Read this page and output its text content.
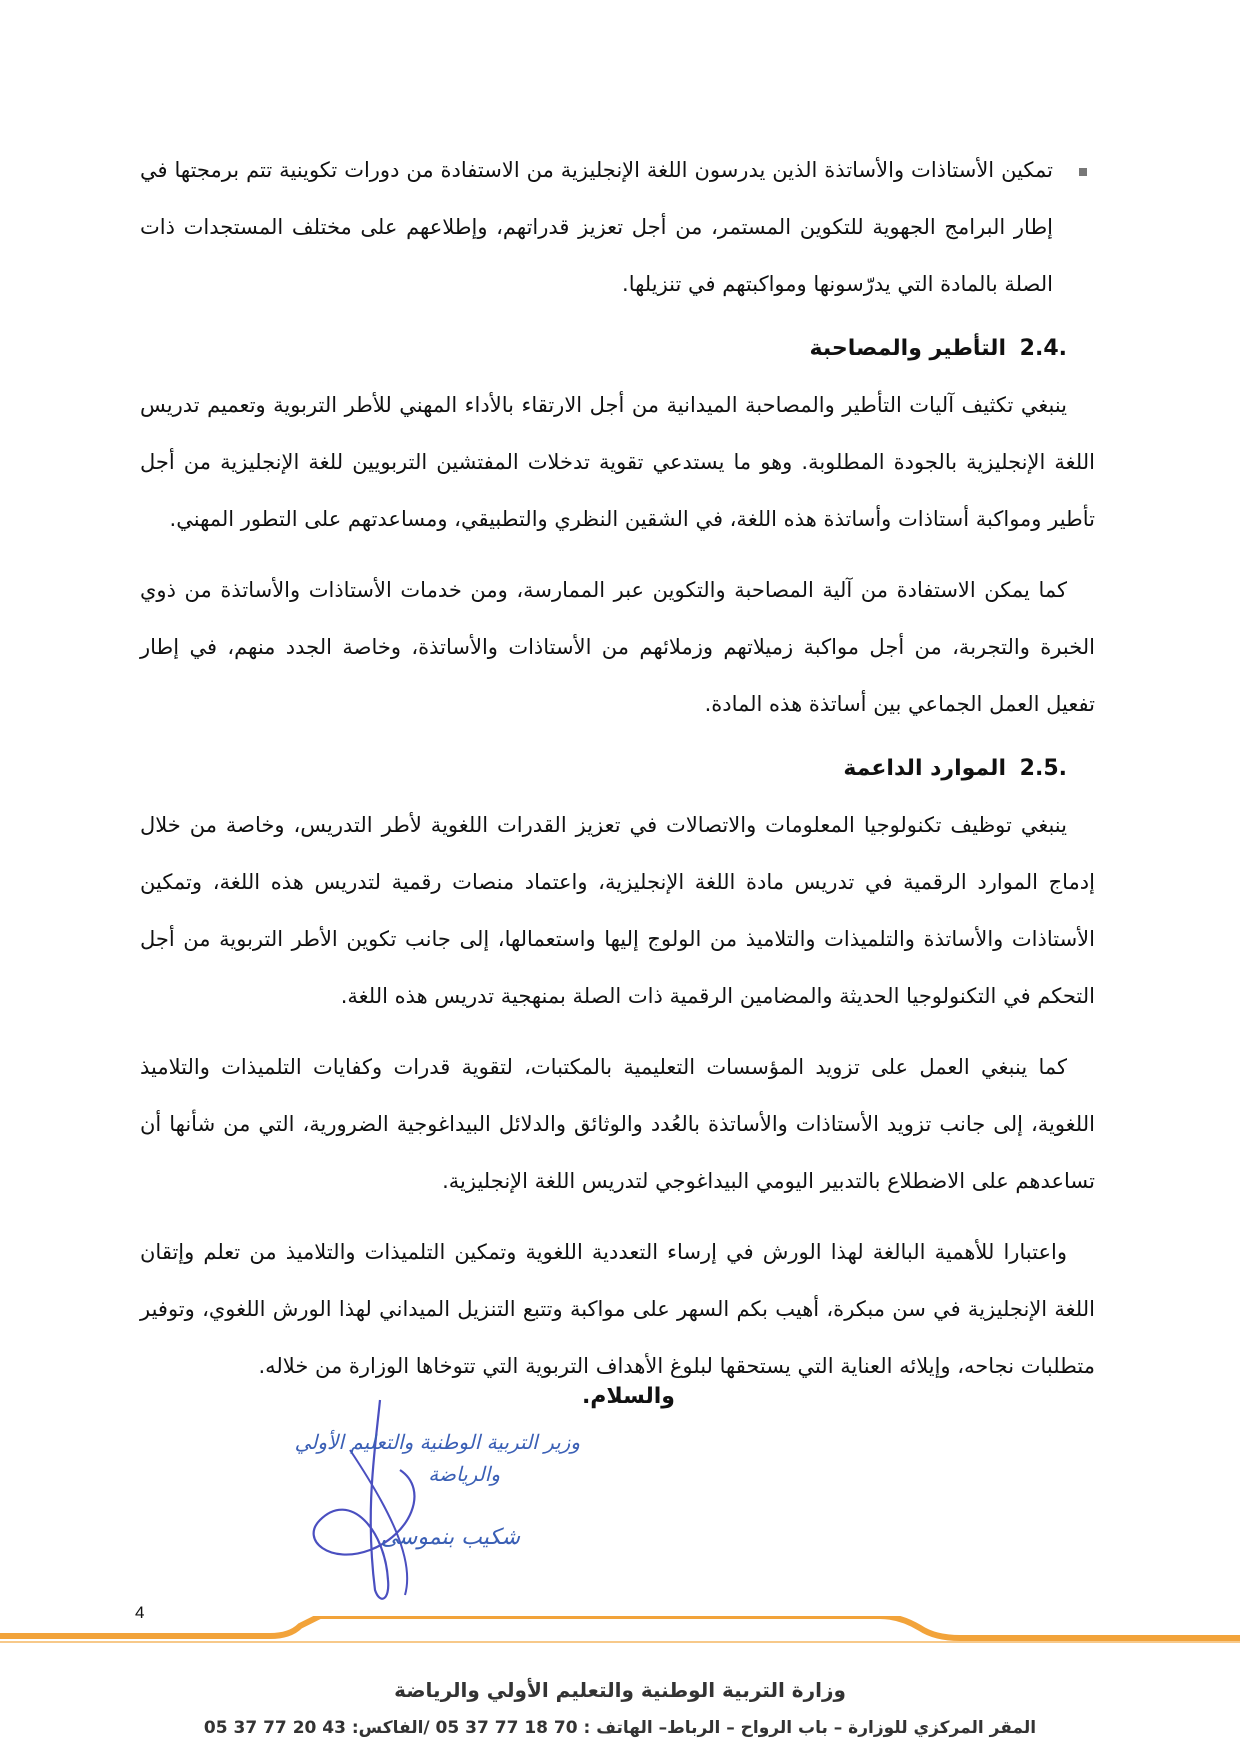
تمكين الأستاذات والأساتذة الذين يدرسون اللغة الإنجليزية من الاستفادة من دورات تكوينية تتم برمجتها في إطار البرامج الجهوية للتكوين المستمر، من أجل تعزيز قدراتهم، وإطلاعهم على مختلف المستجدات ذات الصلة بالمادة التي يدرّسونها ومواكبتهم في تنزيلها.

2.4. التأطير والمصاحبة

ينبغي تكثيف آليات التأطير والمصاحبة الميدانية من أجل الارتقاء بالأداء المهني للأطر التربوية وتعميم تدريس اللغة الإنجليزية بالجودة المطلوبة. وهو ما يستدعي تقوية تدخلات المفتشين التربويين للغة الإنجليزية من أجل تأطير ومواكبة أستاذات وأساتذة هذه اللغة، في الشقين النظري والتطبيقي، ومساعدتهم على التطور المهني.

كما يمكن الاستفادة من آلية المصاحبة والتكوين عبر الممارسة، ومن خدمات الأستاذات والأساتذة من ذوي الخبرة والتجربة، من أجل مواكبة زميلاتهم وزملائهم من الأستاذات والأساتذة، وخاصة الجدد منهم، في إطار تفعيل العمل الجماعي بين أساتذة هذه المادة.

2.5. الموارد الداعمة

ينبغي توظيف تكنولوجيا المعلومات والاتصالات في تعزيز القدرات اللغوية لأطر التدريس، وخاصة من خلال إدماج الموارد الرقمية في تدريس مادة اللغة الإنجليزية، واعتماد منصات رقمية لتدريس هذه اللغة، وتمكين الأستاذات والأساتذة والتلميذات والتلاميذ من الولوج إليها واستعمالها، إلى جانب تكوين الأطر التربوية من أجل التحكم في التكنولوجيا الحديثة والمضامين الرقمية ذات الصلة بمنهجية تدريس هذه اللغة.

كما ينبغي العمل على تزويد المؤسسات التعليمية بالمكتبات، لتقوية قدرات وكفايات التلميذات والتلاميذ اللغوية، إلى جانب تزويد الأستاذات والأساتذة بالعُدد والوثائق والدلائل البيداغوجية الضرورية، التي من شأنها أن تساعدهم على الاضطلاع بالتدبير اليومي البيداغوجي لتدريس اللغة الإنجليزية.

واعتبارا للأهمية البالغة لهذا الورش في إرساء التعددية اللغوية وتمكين التلميذات والتلاميذ من تعلم وإتقان اللغة الإنجليزية في سن مبكرة، أهيب بكم السهر على مواكبة وتتبع التنزيل الميداني لهذا الورش اللغوي، وتوفير متطلبات نجاحه، وإيلائه العناية التي يستحقها لبلوغ الأهداف التربوية التي تتوخاها الوزارة من خلاله.

والسلام.
وزير التربية الوطنية والتعليم الأولي
والرياضة
شكيب بنموسى
4
وزارة التربية الوطنية والتعليم الأولي والرياضة
المقر المركزي للوزارة – باب الرواح – الرباط– الهاتف : 70 18 77 37 05 /الفاكس: 43 20 77 37 05
